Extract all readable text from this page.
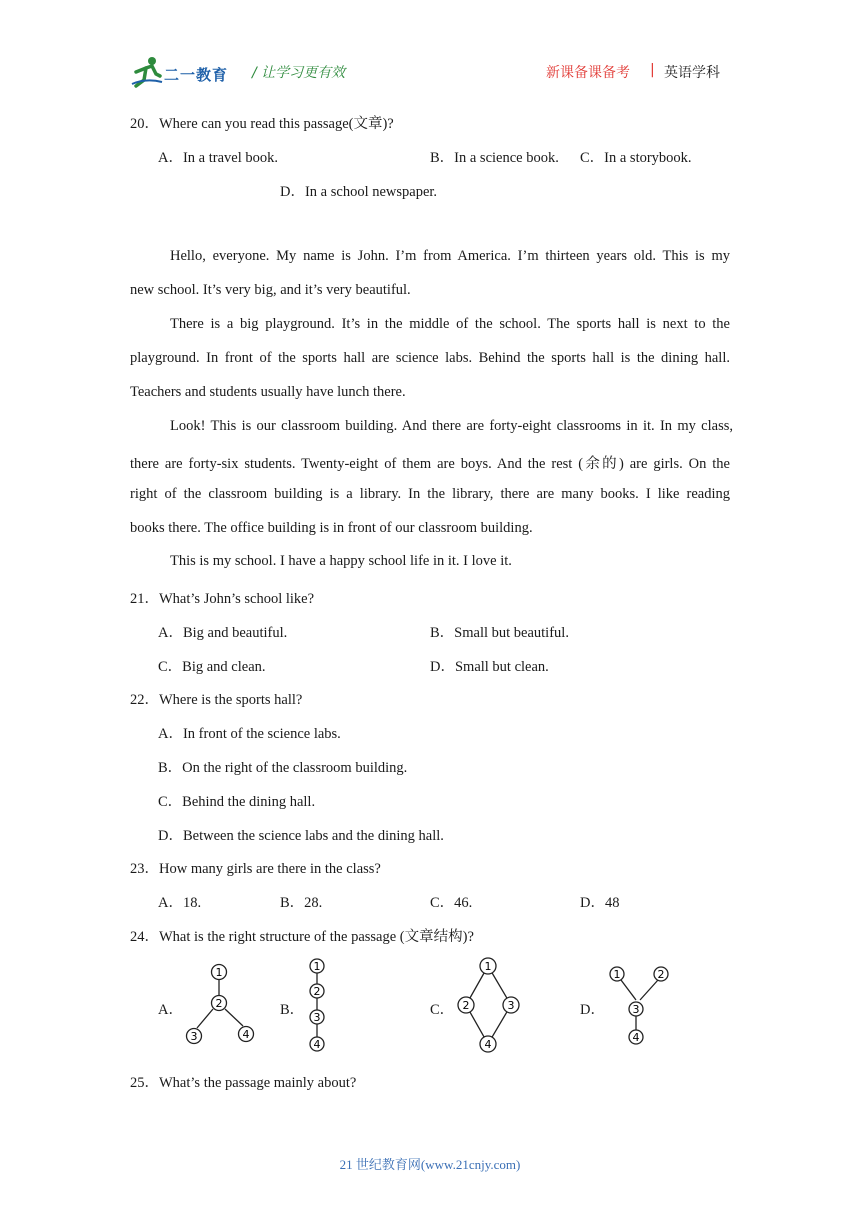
二一教育 / 让学习更有效	新课备课备考 | 英语学科
20．Where can you read this passage(文章)?
A．In a travel book.	B．In a science book. C．In a storybook.
D．In a school newspaper.
Hello, everyone. My name is John. I’m from America. I’m thirteen years old. This is my
new school. It’s very big, and it’s very beautiful.
There is a big playground. It’s in the middle of the school. The sports hall is next to the
playground. In front of the sports hall are science labs. Behind the sports hall is the dining hall.
Teachers and students usually have lunch there.
Look! This is our classroom building. And there are forty-eight classrooms in it. In my class,
there are forty-six students. Twenty-eight of them are boys. And the rest (余的) are girls. On the
right of the classroom building is a library. In the library, there are many books. I like reading
books there. The office building is in front of our classroom building.
This is my school. I have a happy school life in it. I love it.
21．What’s John’s school like?
A．Big and beautiful.	B．Small but beautiful.
C．Big and clean.	D．Small but clean.
22．Where is the sports hall?
A．In front of the science labs.
B．On the right of the classroom building.
C．Behind the dining hall.
D．Between the science labs and the dining hall.
23．How many girls are there in the class?
A．18.	B．28.	C．46.	D．48
24．What is the right structure of the passage (文章结构)?
A．	B．	C．	D．
1
2
3	4
1
2
3
4
1
2	3
4
1	2
3
4
25．What’s the passage mainly about?
21 世纪教育网(www.21cnjy.com)
